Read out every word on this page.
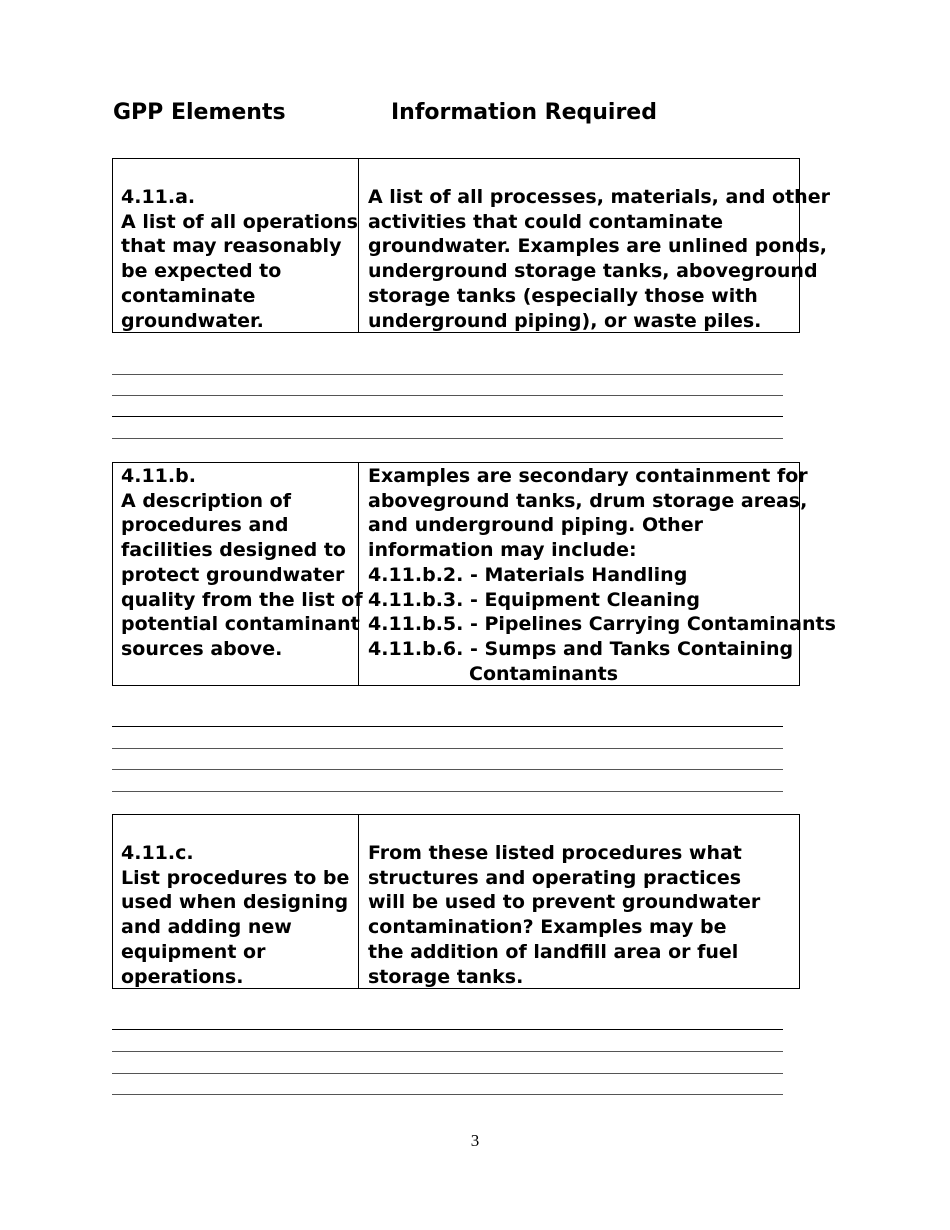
GPP Elements	Information Required
4.11.a.
A list of all operations
that may reasonably
be expected to
contaminate
groundwater.
A list of all processes, materials, and other
activities that could contaminate
groundwater. Examples are unlined ponds,
underground storage tanks, aboveground
storage tanks (especially those with
underground piping), or waste piles.
4.11.b.
A description of
procedures and
facilities designed to
protect groundwater
quality from the list of
potential contaminant
sources above.
Examples are secondary containment for
aboveground tanks, drum storage areas,
and underground piping. Other
information may include:
4.11.b.2. - Materials Handling
4.11.b.3. - Equipment Cleaning
4.11.b.5. - Pipelines Carrying Contaminants
4.11.b.6. - Sumps and Tanks Containing
Contaminants
4.11.c.
List procedures to be
used when designing
and adding new
equipment or
operations.
From these listed procedures what
structures and operating practices
will be used to prevent groundwater
contamination? Examples may be
the addition of landfill area or fuel
storage tanks.
3
